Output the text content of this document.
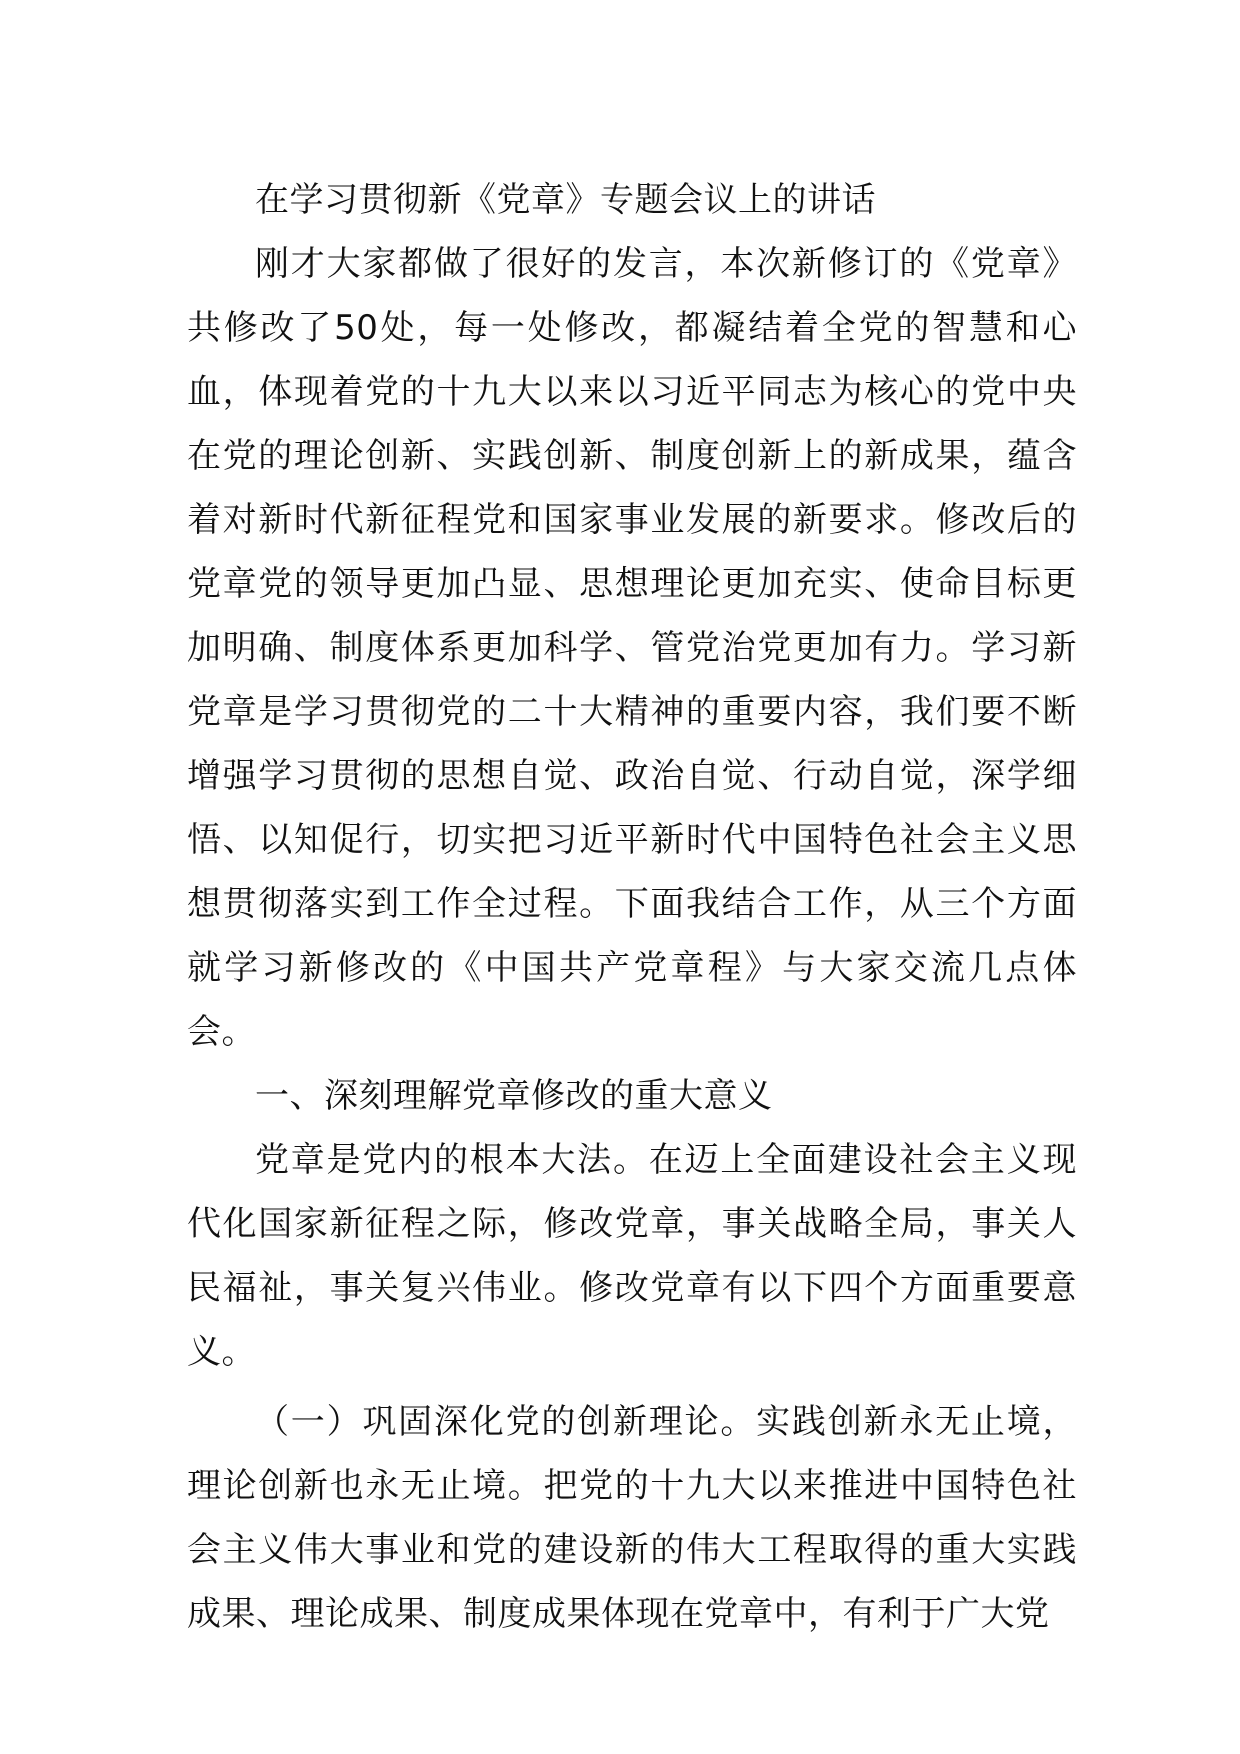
在学习贯彻新《党章》专题会议上的讲话

刚才大家都做了很好的发言，本次新修订的《党章》共修改了50处，每一处修改，都凝结着全党的智慧和心血，体现着党的十九大以来以习近平同志为核心的党中央在党的理论创新、实践创新、制度创新上的新成果，蕴含着对新时代新征程党和国家事业发展的新要求。修改后的党章党的领导更加凸显、思想理论更加充实、使命目标更加明确、制度体系更加科学、管党治党更加有力。学习新党章是学习贯彻党的二十大精神的重要内容，我们要不断增强学习贯彻的思想自觉、政治自觉、行动自觉，深学细悟、以知促行，切实把习近平新时代中国特色社会主义思想贯彻落实到工作全过程。下面我结合工作，从三个方面就学习新修改的《中国共产党章程》与大家交流几点体会。

一、深刻理解党章修改的重大意义

党章是党内的根本大法。在迈上全面建设社会主义现代化国家新征程之际，修改党章，事关战略全局，事关人民福祉，事关复兴伟业。修改党章有以下四个方面重要意义。

（一）巩固深化党的创新理论。实践创新永无止境，理论创新也永无止境。把党的十九大以来推进中国特色社会主义伟大事业和党的建设新的伟大工程取得的重大实践成果、理论成果、制度成果体现在党章中，有利于广大党
